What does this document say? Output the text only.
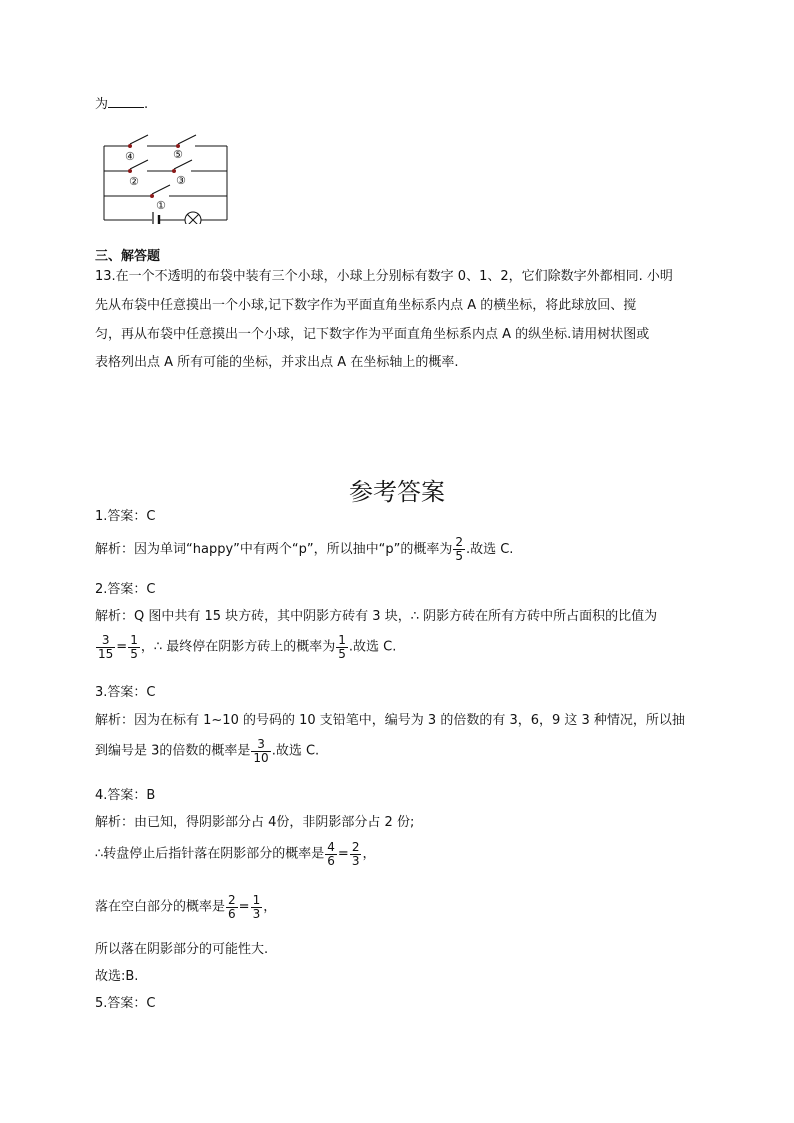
为	.
④	⑤
②	③
①
三、解答题
13.在一个不透明的布袋中装有三个小球，小球上分别标有数字 0、1、2，它们除数字外都相同. 小明
先从布袋中任意摸出一个小球,记下数字作为平面直角坐标系内点 A 的横坐标，将此球放回、搅
匀，再从布袋中任意摸出一个小球，记下数字作为平面直角坐标系内点 A 的纵坐标.请用树状图或
表格列出点 A 所有可能的坐标，并求出点 A 在坐标轴上的概率.
参考答案
1.答案：C
解析：因为单词“happy”中有两个“p”，所以抽中“p”的概率为 $\frac{2}{5}$ .故选 C.
2.答案：C
解析：Q 图中共有 15 块方砖，其中阴影方砖有 3 块，∴ 阴影方砖在所有方砖中所占面积的比值为
$\frac{3}{15} = \frac{1}{5}$ ，∴ 最终停在阴影方砖上的概率为 $\frac{1}{5}$ .故选 C.
3.答案：C
解析：因为在标有 1~10 的号码的 10 支铅笔中，编号为 3 的倍数的有 3，6，9 这 3 种情况，所以抽
到编号是 3的倍数的概率是 $\frac{3}{10}$ .故选 C.
4.答案：B
解析：由已知，得阴影部分占 4份，非阴影部分占 2 份;
∴转盘停止后指针落在阴影部分的概率是 $\frac{4}{6} = \frac{2}{3}$ ，
落在空白部分的概率是 $\frac{2}{6} = \frac{1}{3}$ ，
所以落在阴影部分的可能性大.
故选:B.
5.答案：C
